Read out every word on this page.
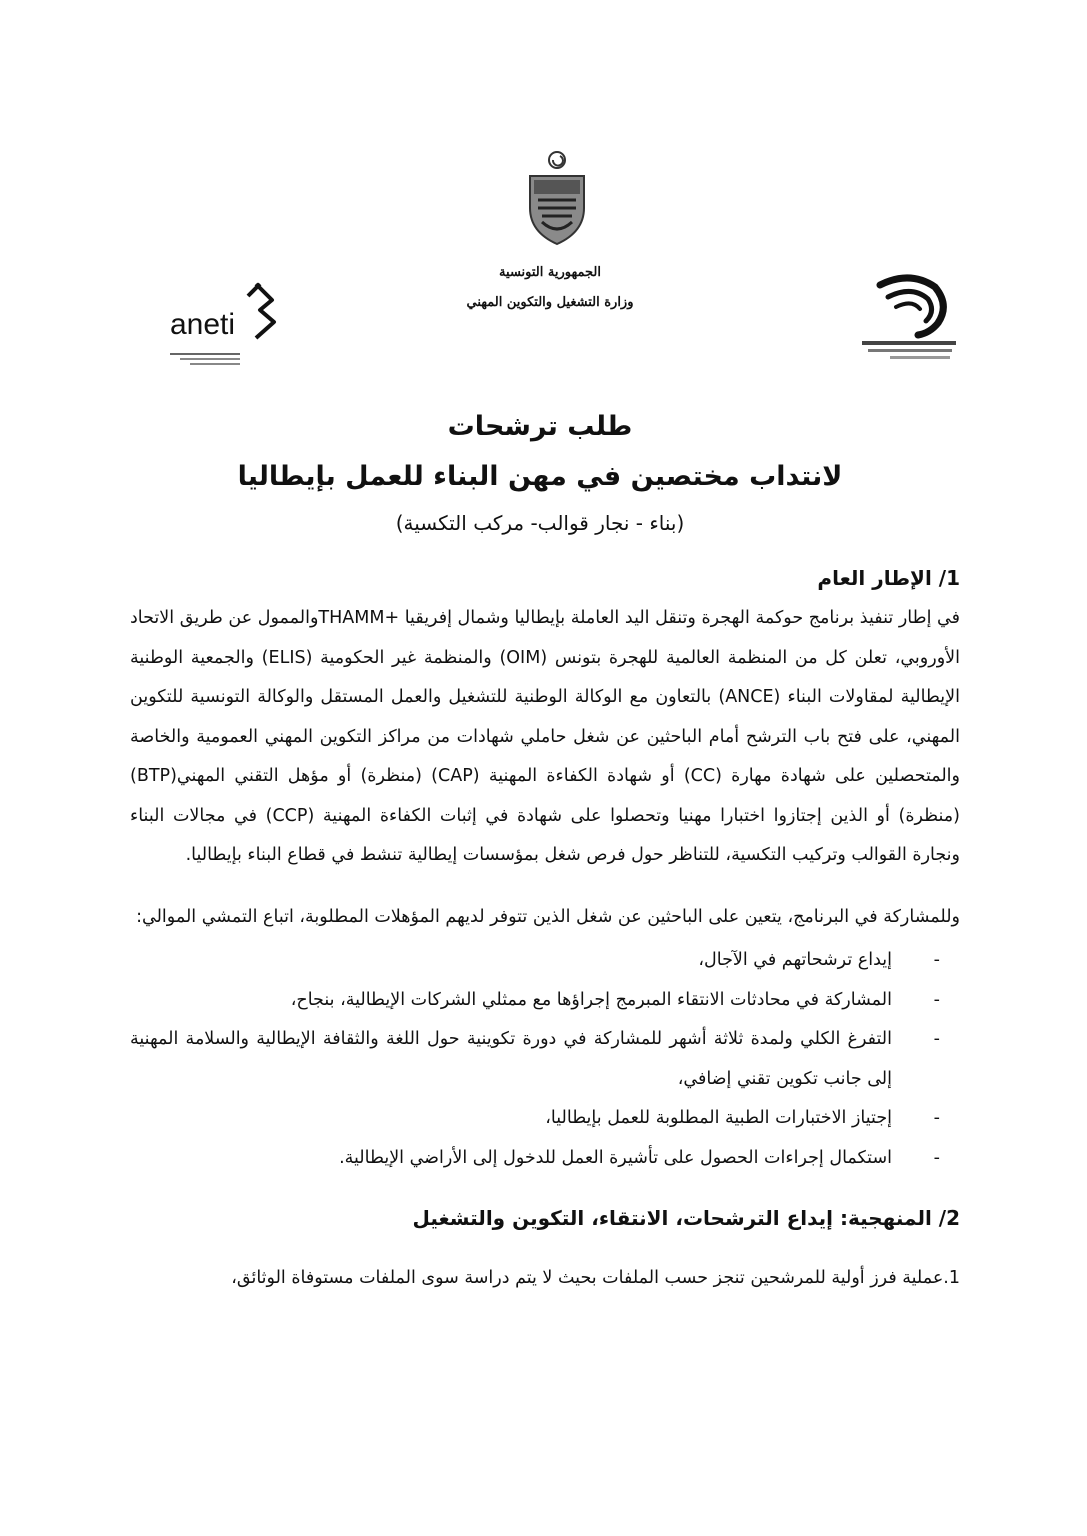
الجمهورية التونسية
وزارة التشغيل والتكوين المهني
aneti
طلب ترشحات
لانتداب مختصين في مهن البناء للعمل بإيطاليا
(بناء - نجار قوالب- مركب التكسية)

1/ الإطار العام

في إطار تنفيذ برنامج حوكمة الهجرة وتنقل اليد العاملة بإيطاليا وشمال إفريقيا +THAMMوالممول عن طريق الاتحاد الأوروبي، تعلن كل من المنظمة العالمية للهجرة بتونس (OIM) والمنظمة غير الحكومية (ELIS) والجمعية الوطنية الإيطالية لمقاولات البناء (ANCE) بالتعاون مع الوكالة الوطنية للتشغيل والعمل المستقل والوكالة التونسية للتكوين المهني، على فتح باب الترشح أمام الباحثين عن شغل حاملي شهادات من مراكز التكوين المهني العمومية والخاصة والمتحصلين على شهادة مهارة (CC) أو شهادة الكفاءة المهنية (CAP) (منظرة) أو مؤهل التقني المهني(BTP) (منظرة) أو الذين إجتازوا اختبارا مهنيا وتحصلوا على شهادة في إثبات الكفاءة المهنية (CCP) في مجالات البناء ونجارة القوالب وتركيب التكسية، للتناظر حول فرص شغل بمؤسسات إيطالية تنشط في قطاع البناء بإيطاليا.

وللمشاركة في البرنامج، يتعين على الباحثين عن شغل الذين تتوفر لديهم المؤهلات المطلوبة، اتباع التمشي الموالي:

-
إيداع ترشحاتهم في الآجال،
-
المشاركة في محادثات الانتقاء المبرمج إجراؤها مع ممثلي الشركات الإيطالية، بنجاح،
-
التفرغ الكلي ولمدة ثلاثة أشهر للمشاركة في دورة تكوينية حول اللغة والثقافة الإيطالية والسلامة المهنية إلى جانب تكوين تقني إضافي،
-
إجتياز الاختبارات الطبية المطلوبة للعمل بإيطاليا،
-
استكمال إجراءات الحصول على تأشيرة العمل للدخول إلى الأراضي الإيطالية.

2/ المنهجية: إيداع الترشحات، الانتقاء، التكوين والتشغيل

1.عملية فرز أولية للمرشحين تنجز حسب الملفات بحيث لا يتم دراسة سوى الملفات مستوفاة الوثائق،
